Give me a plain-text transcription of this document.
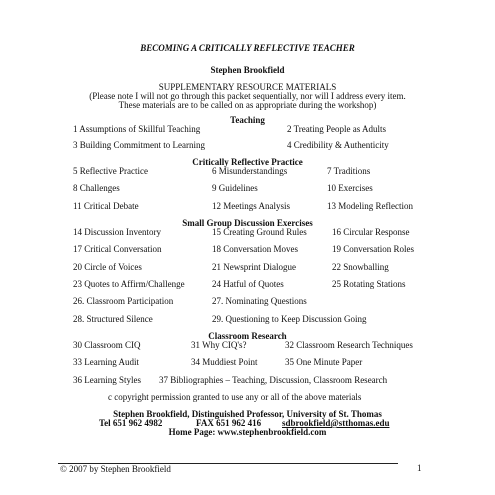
BECOMING A CRITICALLY REFLECTIVE TEACHER
Stephen Brookfield
SUPPLEMENTARY RESOURCE MATERIALS
(Please note I will not go through this packet sequentially, nor will I address every item.
These materials are to be called on as appropriate during the workshop)
Teaching
1 Assumptions of Skillful Teaching	2 Treating People as Adults
3 Building Commitment to Learning	4 Credibility & Authenticity
Critically Reflective Practice
5 Reflective Practice	6 Misunderstandings	7 Traditions
8 Challenges	9 Guidelines	10 Exercises
11 Critical Debate	12 Meetings Analysis	13 Modeling Reflection
Small Group Discussion Exercises
14 Discussion Inventory	15 Creating Ground Rules	16 Circular Response
17 Critical Conversation	18 Conversation Moves	19 Conversation Roles
20 Circle of Voices	21 Newsprint Dialogue	22 Snowballing
23 Quotes to Affirm/Challenge	24 Hatful of Quotes	25 Rotating Stations
26. Classroom Participation	27. Nominating Questions
28. Structured Silence	29. Questioning to Keep Discussion Going
Classroom Research
30 Classroom CIQ	31 Why CIQ's?	32 Classroom Research Techniques
33 Learning Audit	34 Muddiest Point	35 One Minute Paper
36 Learning Styles 37 Bibliographies – Teaching, Discussion, Classroom Research
c copyright permission granted to use any or all of the above materials
Stephen Brookfield, Distinguished Professor, University of St. Thomas
Tel 651 962 4982	FAX 651 962 416 sdbrookfield@stthomas.edu
Home Page: www.stephenbrookfield.com
© 2007 by Stephen Brookfield	1
